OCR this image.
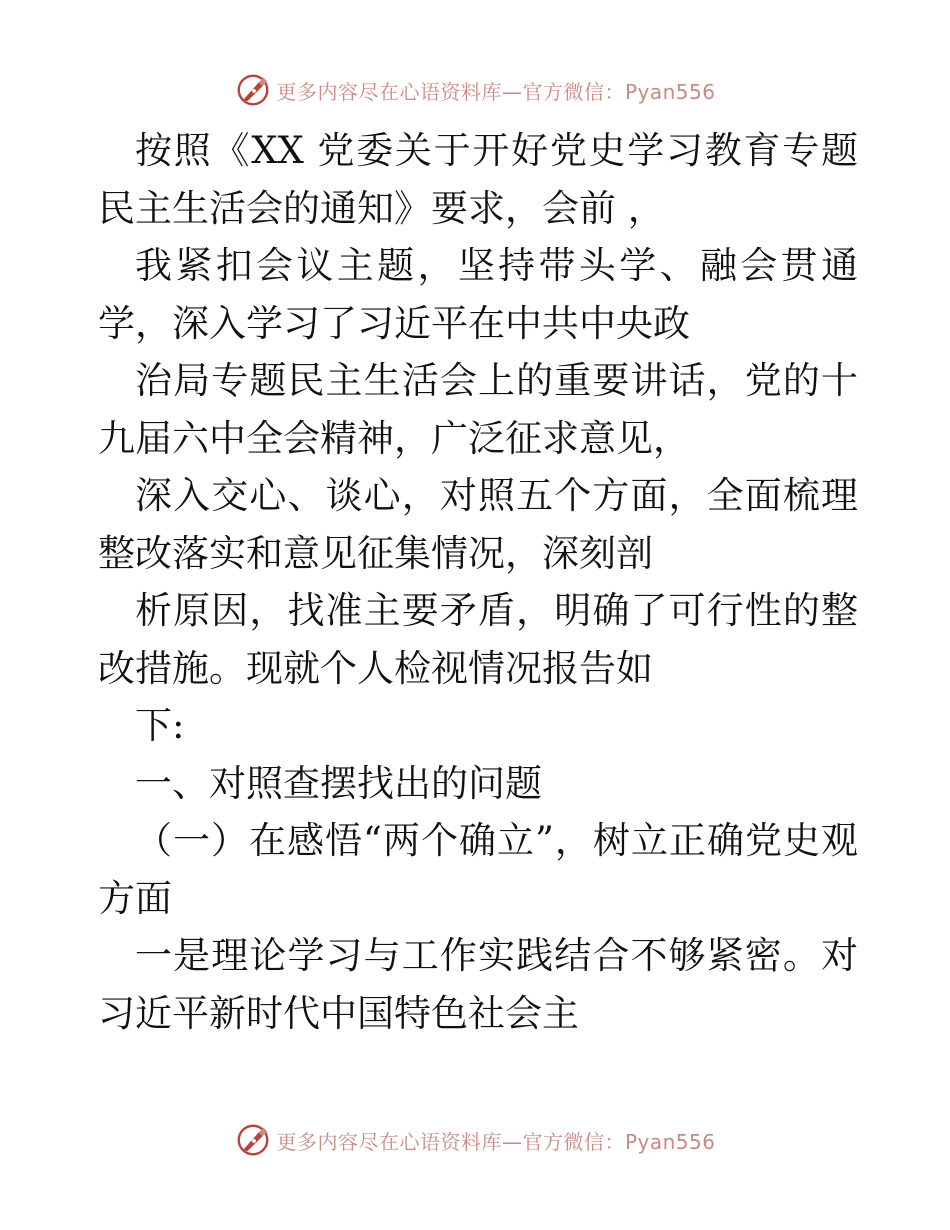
更多内容尽在心语资料库—官方微信：Pyan556

按照《XX 党委关于开好党史学习教育专题民主生活会的通知》要求，会前 ，

我紧扣会议主题，坚持带头学、融会贯通学，深入学习了习近平在中共中央政

治局专题民主生活会上的重要讲话，党的十九届六中全会精神，广泛征求意见，

深入交心、谈心，对照五个方面，全面梳理整改落实和意见征集情况，深刻剖

析原因，找准主要矛盾，明确了可行性的整改措施。现就个人检视情况报告如

下:

一、对照查摆找出的问题

（一）在感悟“两个确立”，树立正确党史观方面

一是理论学习与工作实践结合不够紧密。对习近平新时代中国特色社会主

更多内容尽在心语资料库—官方微信：Pyan556
